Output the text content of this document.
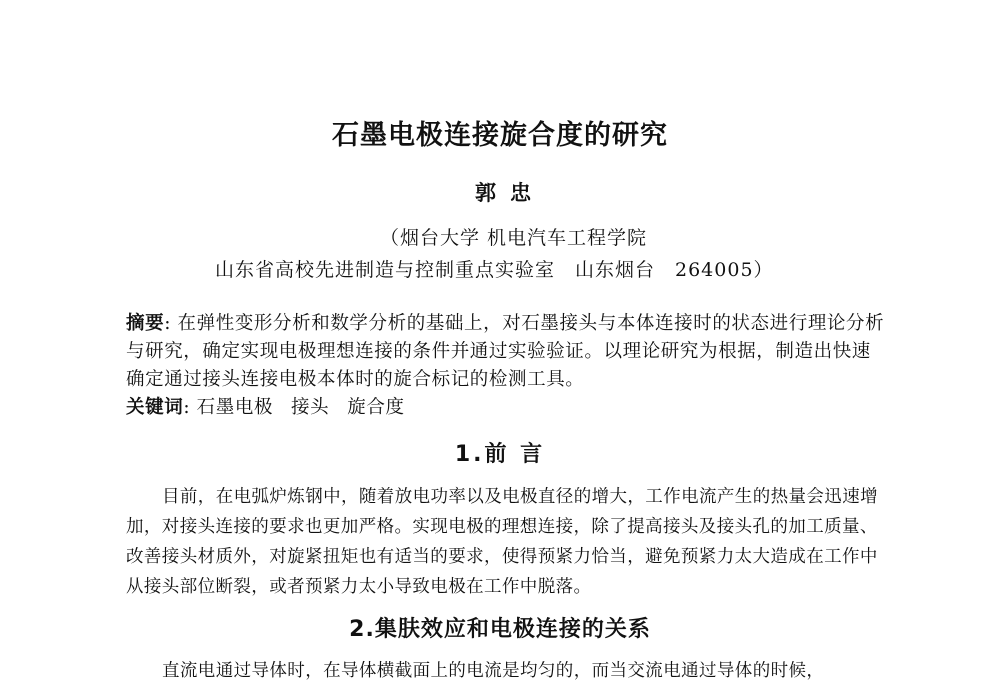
石墨电极连接旋合度的研究
郭忠
（烟台大学 机电汽车工程学院
山东省高校先进制造与控制重点实验室　山东烟台　264005）

摘要: 在弹性变形分析和数学分析的基础上，对石墨接头与本体连接时的状态进行理论分析与研究，确定实现电极理想连接的条件并通过实验验证。以理论研究为根据，制造出快速确定通过接头连接电极本体时的旋合标记的检测工具。

关键词: 石墨电极 接头 旋合度

1.前 言

目前，在电弧炉炼钢中，随着放电功率以及电极直径的增大，工作电流产生的热量会迅速增加，对接头连接的要求也更加严格。实现电极的理想连接，除了提高接头及接头孔的加工质量、改善接头材质外，对旋紧扭矩也有适当的要求，使得预紧力恰当，避免预紧力太大造成在工作中从接头部位断裂，或者预紧力太小导致电极在工作中脱落。

2.集肤效应和电极连接的关系

直流电通过导体时，在导体横截面上的电流是均匀的，而当交流电通过导体的时候，
